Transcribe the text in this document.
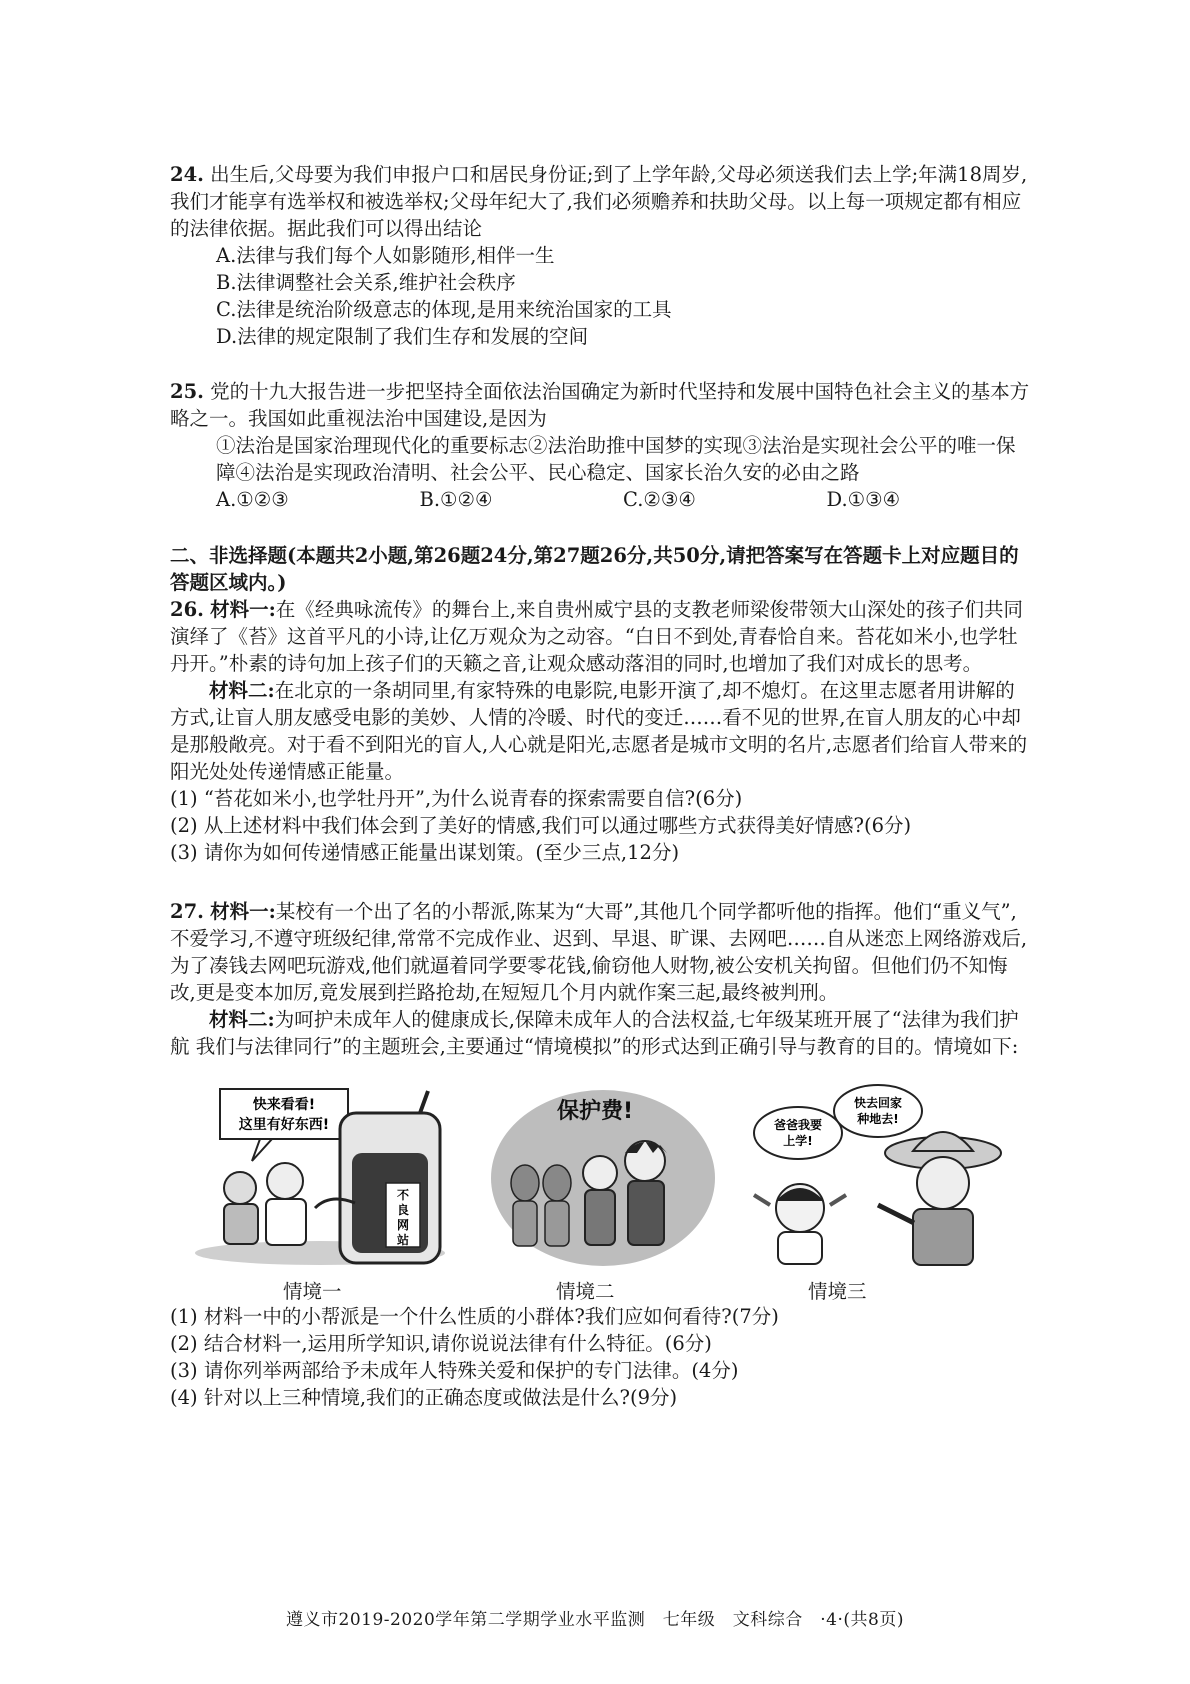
24. 出生后,父母要为我们申报户口和居民身份证;到了上学年龄,父母必须送我们去上学;年满18周岁,我们才能享有选举权和被选举权;父母年纪大了,我们必须赡养和扶助父母。以上每一项规定都有相应的法律依据。据此我们可以得出结论
A.法律与我们每个人如影随形,相伴一生
B.法律调整社会关系,维护社会秩序
C.法律是统治阶级意志的体现,是用来统治国家的工具
D.法律的规定限制了我们生存和发展的空间
25. 党的十九大报告进一步把坚持全面依法治国确定为新时代坚持和发展中国特色社会主义的基本方略之一。我国如此重视法治中国建设,是因为
①法治是国家治理现代化的重要标志②法治助推中国梦的实现③法治是实现社会公平的唯一保障④法治是实现政治清明、社会公平、民心稳定、国家长治久安的必由之路
A.①②③	B.①②④	C.②③④	D.①③④
二、非选择题(本题共2小题,第26题24分,第27题26分,共50分,请把答案写在答题卡上对应题目的答题区域内。)
26. 材料一:在《经典咏流传》的舞台上,来自贵州威宁县的支教老师梁俊带领大山深处的孩子们共同演绎了《苔》这首平凡的小诗,让亿万观众为之动容。“白日不到处,青春恰自来。苔花如米小,也学牡丹开。”朴素的诗句加上孩子们的天籁之音,让观众感动落泪的同时,也增加了我们对成长的思考。
材料二:在北京的一条胡同里,有家特殊的电影院,电影开演了,却不熄灯。在这里志愿者用讲解的方式,让盲人朋友感受电影的美妙、人情的冷暖、时代的变迁……看不见的世界,在盲人朋友的心中却是那般敞亮。对于看不到阳光的盲人,人心就是阳光,志愿者是城市文明的名片,志愿者们给盲人带来的阳光处处传递情感正能量。
(1) “苔花如米小,也学牡丹开”,为什么说青春的探索需要自信?(6分)
(2) 从上述材料中我们体会到了美好的情感,我们可以通过哪些方式获得美好情感?(6分)
(3) 请你为如何传递情感正能量出谋划策。(至少三点,12分)
27. 材料一:某校有一个出了名的小帮派,陈某为“大哥”,其他几个同学都听他的指挥。他们“重义气”,不爱学习,不遵守班级纪律,常常不完成作业、迟到、早退、旷课、去网吧……自从迷恋上网络游戏后,为了凑钱去网吧玩游戏,他们就逼着同学要零花钱,偷窃他人财物,被公安机关拘留。但他们仍不知悔改,更是变本加厉,竟发展到拦路抢劫,在短短几个月内就作案三起,最终被判刑。
材料二:为呵护未成年人的健康成长,保障未成年人的合法权益,七年级某班开展了“法律为我们护航 我们与法律同行”的主题班会,主要通过“情境模拟”的形式达到正确引导与教育的目的。情境如下:
快来看看!
这里有好东西!
不
良
网
站
保护费!
爸爸我要
上学!
快去回家
种地去!
情境一	情境二	情境三
(1) 材料一中的小帮派是一个什么性质的小群体?我们应如何看待?(7分)
(2) 结合材料一,运用所学知识,请你说说法律有什么特征。(6分)
(3) 请你列举两部给予未成年人特殊关爱和保护的专门法律。(4分)
(4) 针对以上三种情境,我们的正确态度或做法是什么?(9分)
遵义市2019-2020学年第二学期学业水平监测　七年级　文科综合　·4·(共8页)
